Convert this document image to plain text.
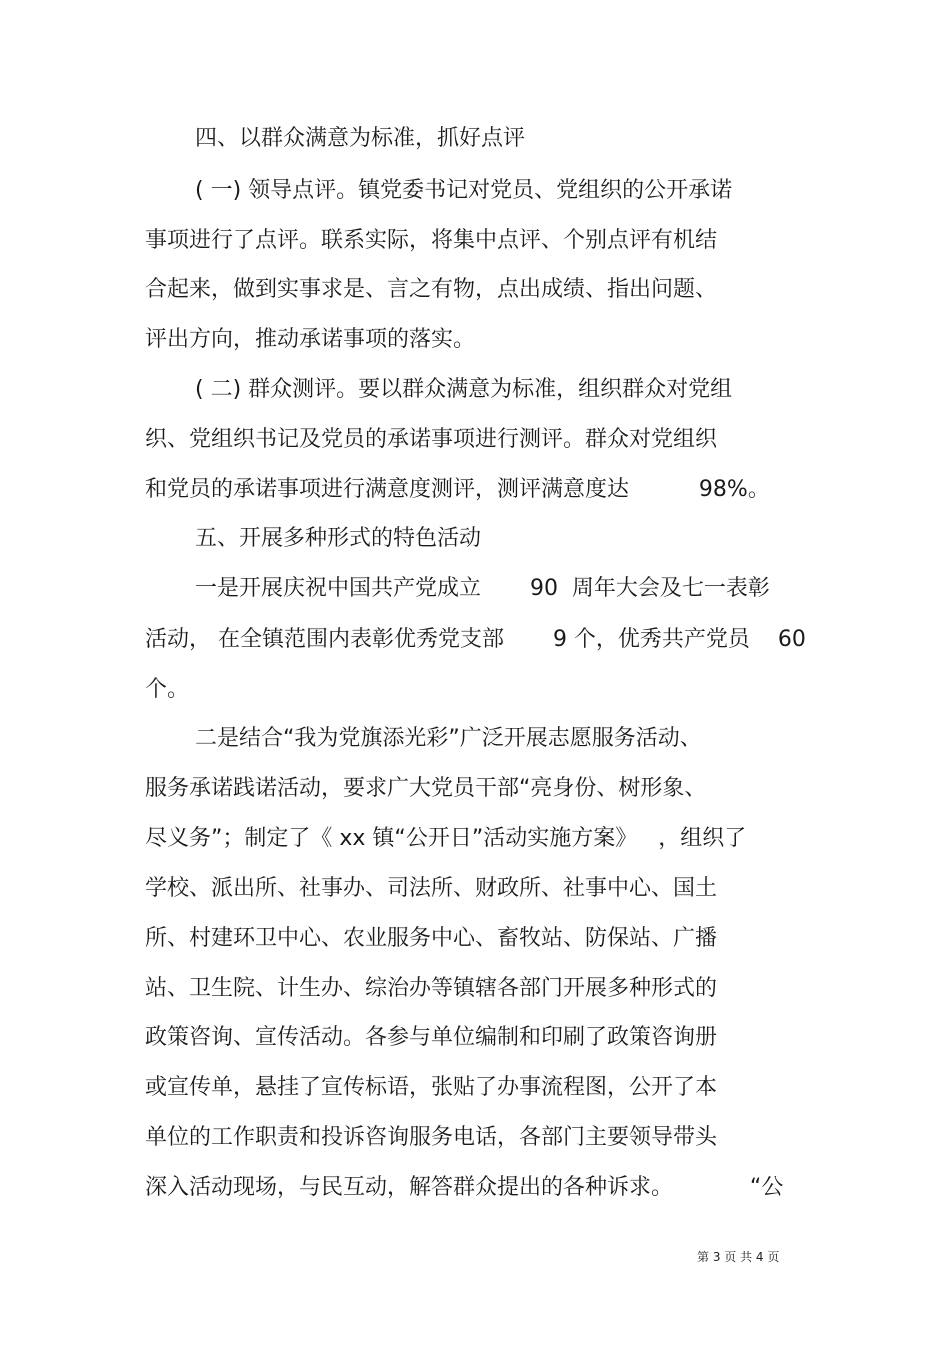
四、以群众满意为标准，抓好点评
( 一) 领导点评。镇党委书记对党员、党组织的公开承诺
事项进行了点评。联系实际，将集中点评、个别点评有机结
合起来，做到实事求是、言之有物，点出成绩、指出问题、
评出方向，推动承诺事项的落实。
( 二) 群众测评。要以群众满意为标准，组织群众对党组
织、党组织书记及党员的承诺事项进行测评。群众对党组织
和党员的承诺事项进行满意度测评，测评满意度达          98%。
五、开展多种形式的特色活动
一是开展庆祝中国共产党成立       90  周年大会及七一表彰
活动， 在全镇范围内表彰优秀党支部       9 个，优秀共产党员    60
个。
二是结合“我为党旗添光彩”广泛开展志愿服务活动、
服务承诺践诺活动，要求广大党员干部“亮身份、树形象、
尽义务”；制定了《 xx 镇“公开日”活动实施方案》   ，组织了
学校、派出所、社事办、司法所、财政所、社事中心、国土
所、村建环卫中心、农业服务中心、畜牧站、防保站、广播
站、卫生院、计生办、综治办等镇辖各部门开展多种形式的
政策咨询、宣传活动。各参与单位编制和印刷了政策咨询册
或宣传单，悬挂了宣传标语，张贴了办事流程图，公开了本
单位的工作职责和投诉咨询服务电话，各部门主要领导带头
深入活动现场，与民互动，解答群众提出的各种诉求。           “公
第 3 页 共 4 页
